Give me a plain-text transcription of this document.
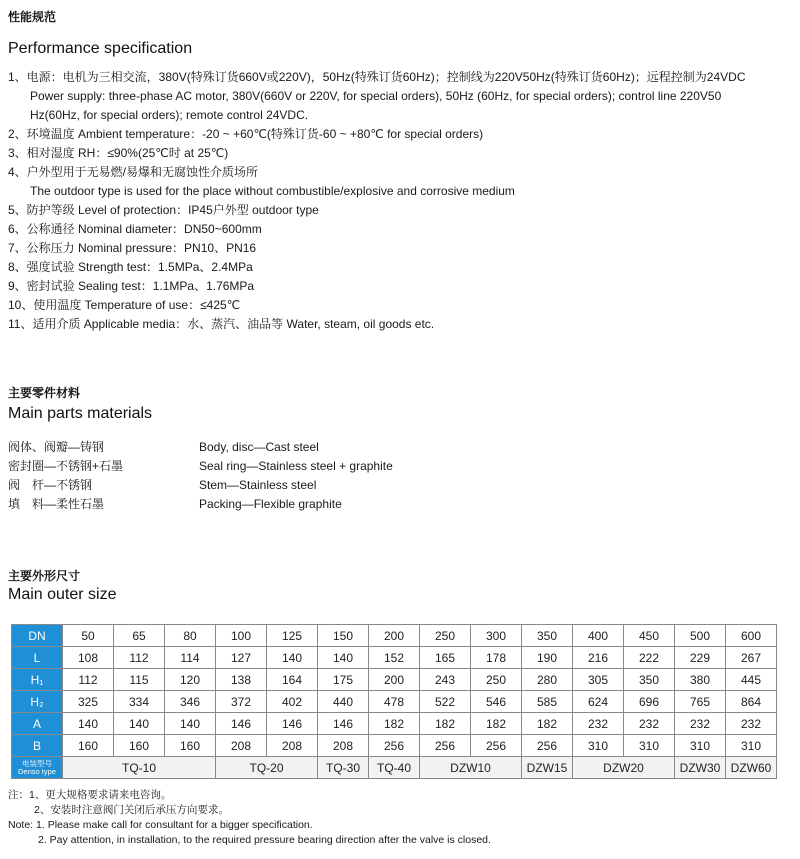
性能规范
Performance specification
1、电源：电机为三相交流，380V(特殊订货660V或220V)，50Hz(特殊订货60Hz)；控制线为220V50Hz(特殊订货60Hz)；远程控制为24VDC
Power supply: three-phase AC motor, 380V(660V or 220V, for special orders), 50Hz (60Hz, for special orders); control line 220V50
Hz(60Hz, for special orders); remote control 24VDC.
2、环境温度 Ambient temperature：-20 ~ +60℃(特殊订货-60 ~ +80℃ for special orders)
3、相对湿度 RH：≤90%(25℃时 at 25℃)
4、户外型用于无易燃/易爆和无腐蚀性介质场所
The outdoor type is used for the place without combustible/explosive and corrosive medium
5、防护等级 Level of protection：IP45户外型 outdoor type
6、公称通径 Nominal diameter：DN50~600mm
7、公称压力 Nominal pressure：PN10、PN16
8、强度试验 Strength test：1.5MPa、2.4MPa
9、密封试验 Sealing test：1.1MPa、1.76MPa
10、使用温度 Temperature of use：≤425℃
11、适用介质 Applicable media：水、蒸汽、油品等 Water, steam, oil goods etc.
主要零件材料
Main parts materials
阀体、阀瓣—铸钢	Body, disc—Cast steel
密封圈—不锈钢+石墨	Seal ring—Stainless steel + graphite
阀　杆—不锈钢	Stem—Stainless steel
填　料—柔性石墨	Packing—Flexible graphite
主要外形尺寸
Main outer size
DN	50	65	80	100	125	150	200	250	300	350	400	450	500	600
L	108	112	114	127	140	140	152	165	178	190	216	222	229	267
H₁	112	115	120	138	164	175	200	243	250	280	305	350	380	445
H₂	325	334	346	372	402	440	478	522	546	585	624	696	765	864
A	140	140	140	146	146	146	182	182	182	182	232	232	232	232
B	160	160	160	208	208	208	256	256	256	256	310	310	310	310

电装型号
Denso type	TQ-10			TQ-20		TQ-30	TQ-40	DZW10		DZW15	DZW20		DZW30	DZW60
注：1、更大规格要求请来电咨询。
2、安装时注意阀门关闭后承压方向要求。
Note: 1. Please make call for consultant for a bigger specification.
2. Pay attention, in installation, to the required pressure bearing direction after the valve is closed.
